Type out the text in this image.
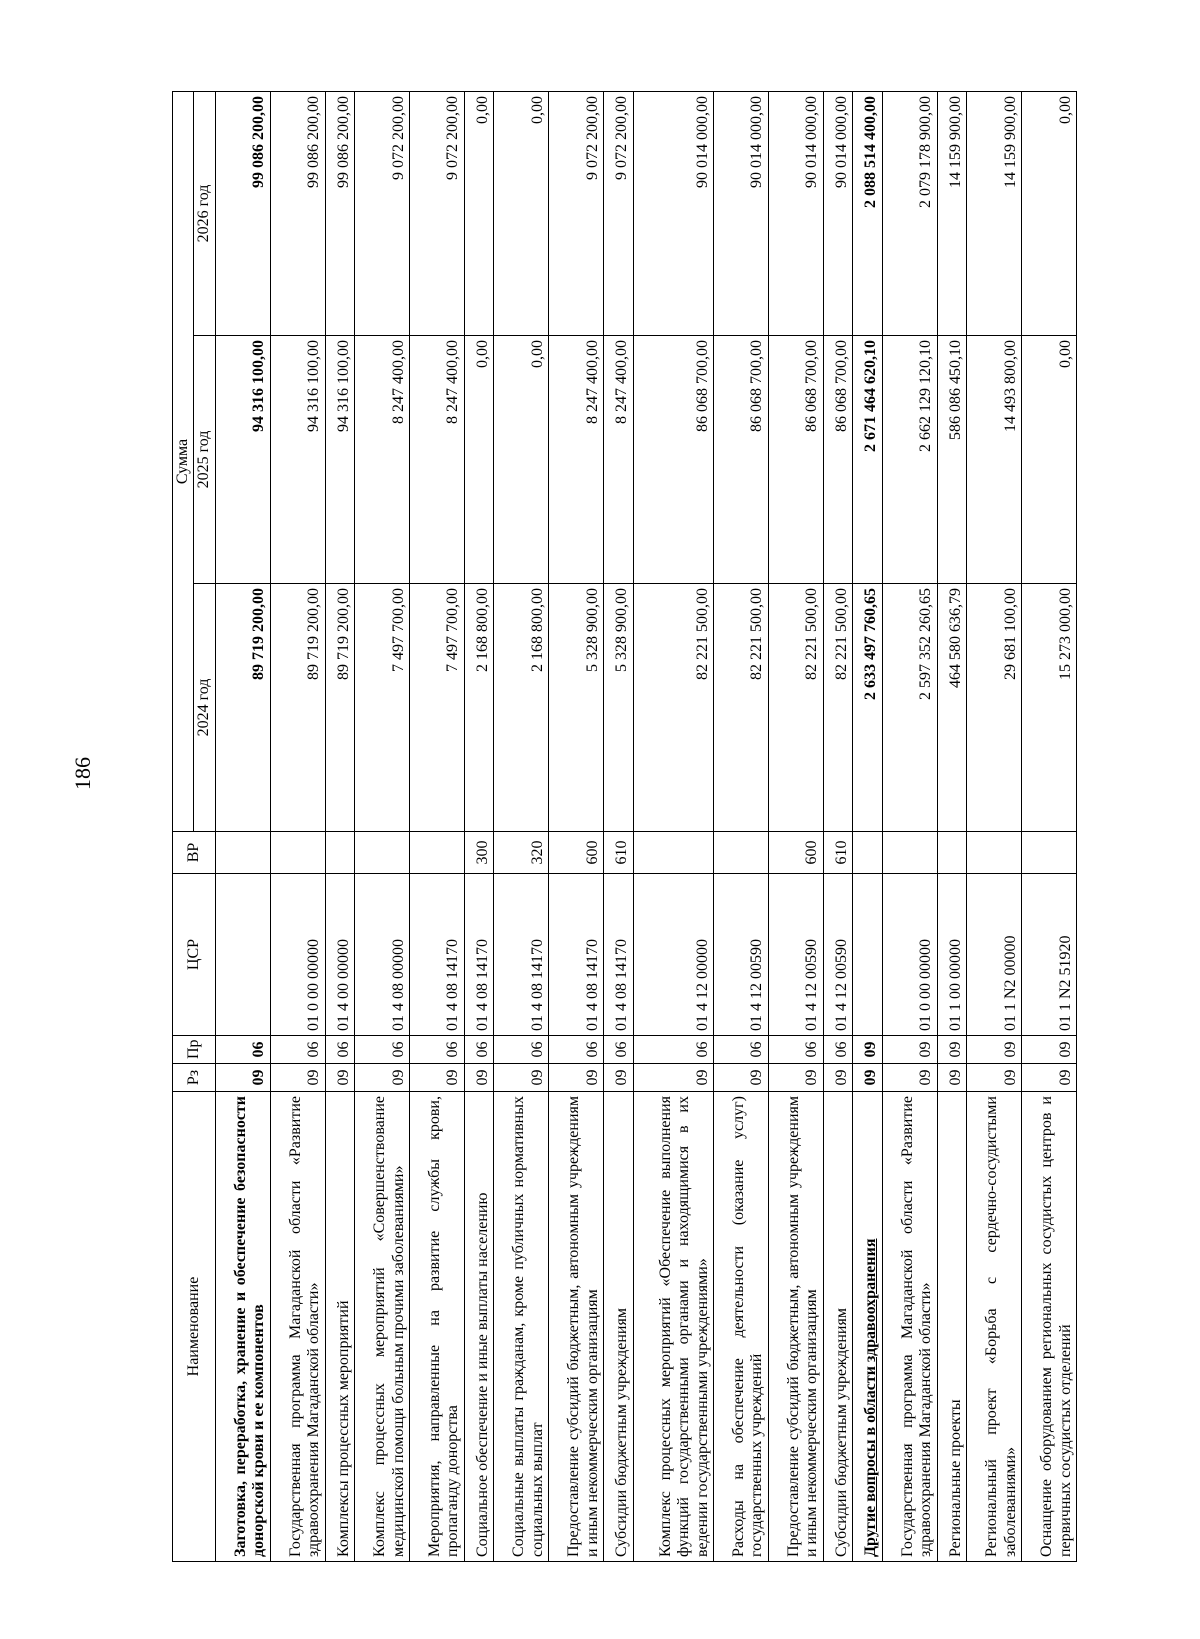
186
Наименование	Рз	Пр	ЦСР	ВР	Сумма		
					2024 год	2025 год	2026 год
Заготовка, переработка, хранение и обеспечение безопасности донорской крови и ее компонентов	09	06			89 719 200,00	94 316 100,00	99 086 200,00
Государственная программа Магаданской области «Развитие здравоохранения Магаданской области»	09	06	01 0 00 00000		89 719 200,00	94 316 100,00	99 086 200,00
Комплексы процессных мероприятий	09	06	01 4 00 00000		89 719 200,00	94 316 100,00	99 086 200,00
Комплекс процессных мероприятий «Совершенствование медицинской помощи больным прочими заболеваниями»	09	06	01 4 08 00000		7 497 700,00	8 247 400,00	9 072 200,00
Мероприятия, направленные на развитие службы крови, пропаганду донорства	09	06	01 4 08 14170		7 497 700,00	8 247 400,00	9 072 200,00
Социальное обеспечение и иные выплаты населению	09	06	01 4 08 14170	300	2 168 800,00	0,00	0,00
Социальные выплаты гражданам, кроме публичных нормативных социальных выплат	09	06	01 4 08 14170	320	2 168 800,00	0,00	0,00
Предоставление субсидий бюджетным, автономным учреждениям и иным некоммерческим организациям	09	06	01 4 08 14170	600	5 328 900,00	8 247 400,00	9 072 200,00
Субсидии бюджетным учреждениям	09	06	01 4 08 14170	610	5 328 900,00	8 247 400,00	9 072 200,00
Комплекс процессных мероприятий «Обеспечение выполнения функций государственными органами и находящимися в их ведении государственными учреждениями»	09	06	01 4 12 00000		82 221 500,00	86 068 700,00	90 014 000,00
Расходы на обеспечение деятельности (оказание услуг) государственных учреждений	09	06	01 4 12 00590		82 221 500,00	86 068 700,00	90 014 000,00
Предоставление субсидий бюджетным, автономным учреждениям и иным некоммерческим организациям	09	06	01 4 12 00590	600	82 221 500,00	86 068 700,00	90 014 000,00
Субсидии бюджетным учреждениям	09	06	01 4 12 00590	610	82 221 500,00	86 068 700,00	90 014 000,00
Другие вопросы в области здравоохранения	09	09			2 633 497 760,65	2 671 464 620,10	2 088 514 400,00
Государственная программа Магаданской области «Развитие здравоохранения Магаданской области»	09	09	01 0 00 00000		2 597 352 260,65	2 662 129 120,10	2 079 178 900,00
Региональные проекты	09	09	01 1 00 00000		464 580 636,79	586 086 450,10	14 159 900,00
Региональный проект «Борьба с сердечно-сосудистыми заболеваниями»	09	09	01 1 N2 00000		29 681 100,00	14 493 800,00	14 159 900,00
Оснащение оборудованием региональных сосудистых центров и первичных сосудистых отделений	09	09	01 1 N2 51920		15 273 000,00	0,00	0,00
